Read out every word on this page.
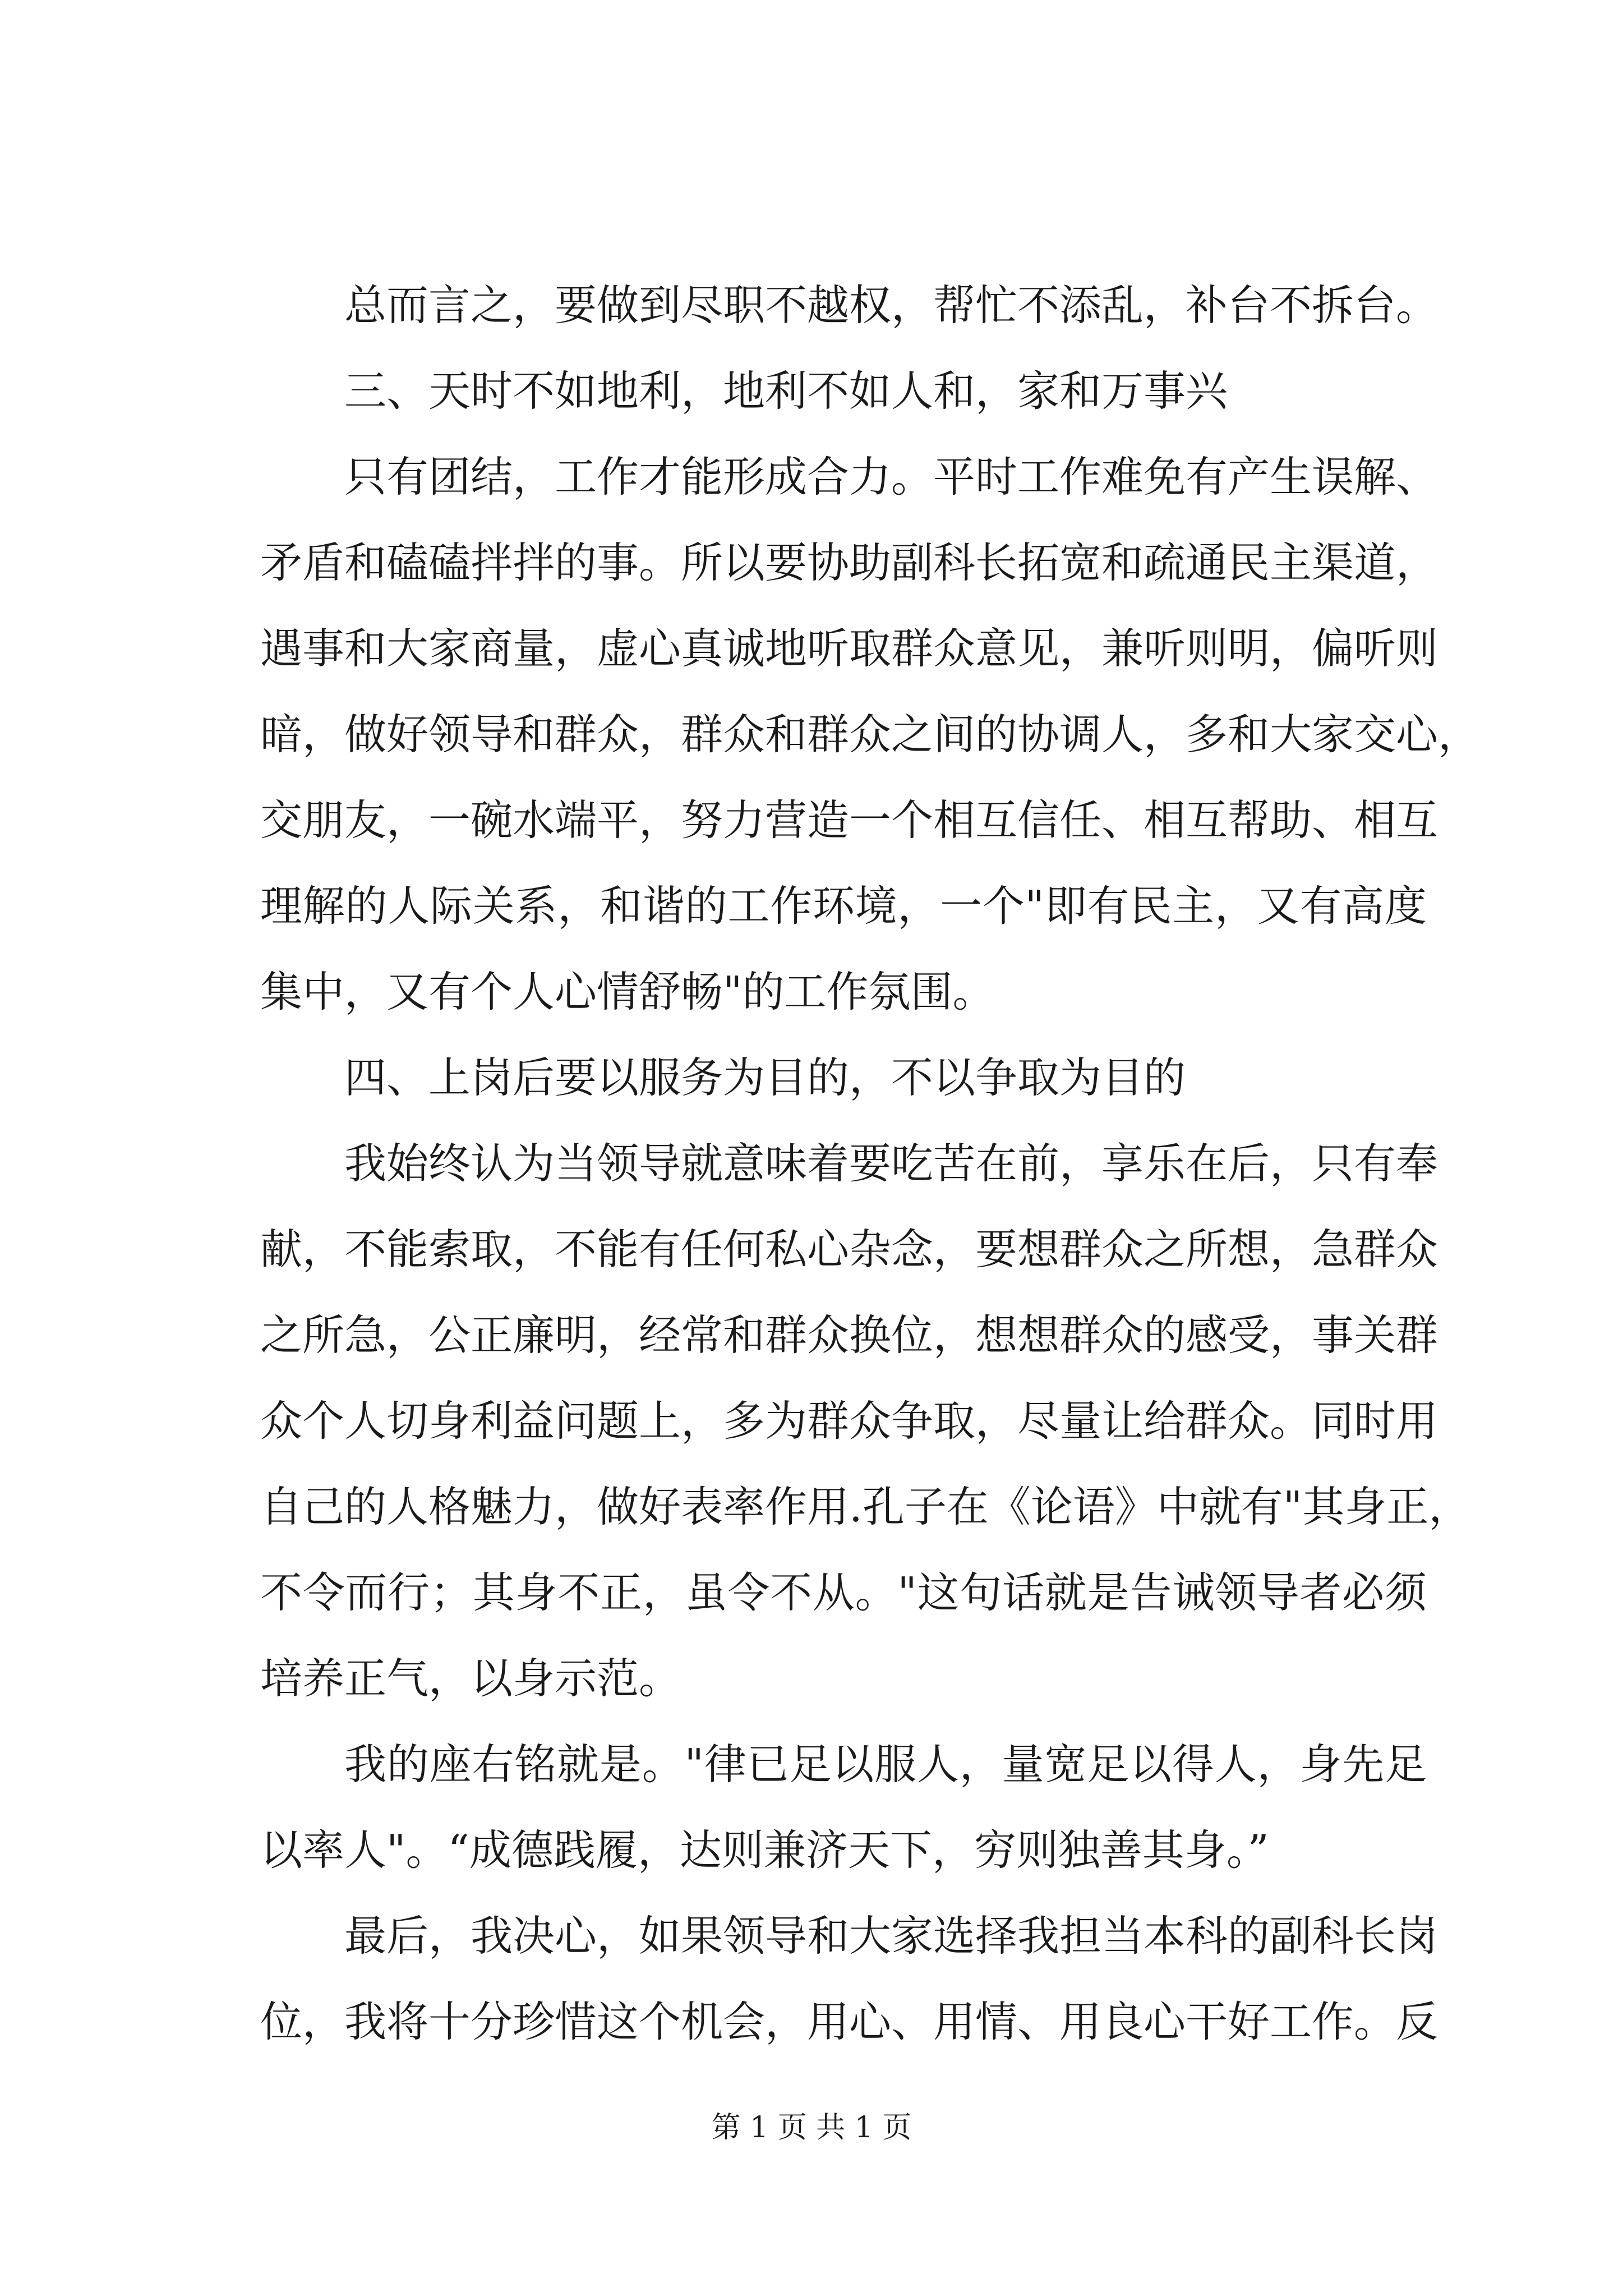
总而言之，要做到尽职不越权，帮忙不添乱，补台不拆台。
三、天时不如地利，地利不如人和，家和万事兴
只有团结，工作才能形成合力。平时工作难免有产生误解、
矛盾和磕磕拌拌的事。所以要协助副科长拓宽和疏通民主渠道，
遇事和大家商量，虚心真诚地听取群众意见，兼听则明，偏听则
暗，做好领导和群众，群众和群众之间的协调人，多和大家交心，
交朋友，一碗水端平，努力营造一个相互信任、相互帮助、相互
理解的人际关系，和谐的工作环境，一个"即有民主，又有高度
集中，又有个人心情舒畅"的工作氛围。
四、上岗后要以服务为目的，不以争取为目的
我始终认为当领导就意味着要吃苦在前，享乐在后，只有奉
献，不能索取，不能有任何私心杂念，要想群众之所想，急群众
之所急，公正廉明，经常和群众换位，想想群众的感受，事关群
众个人切身利益问题上，多为群众争取，尽量让给群众。同时用
自己的人格魅力，做好表率作用.孔子在《论语》中就有"其身正，
不令而行；其身不正，虽令不从。"这句话就是告诫领导者必须
培养正气，以身示范。
我的座右铭就是。"律已足以服人，量宽足以得人，身先足
以率人"。“成德践履，达则兼济天下，穷则独善其身。”
最后，我决心，如果领导和大家选择我担当本科的副科长岗
位，我将十分珍惜这个机会，用心、用情、用良心干好工作。反
第 1 页 共 1 页
